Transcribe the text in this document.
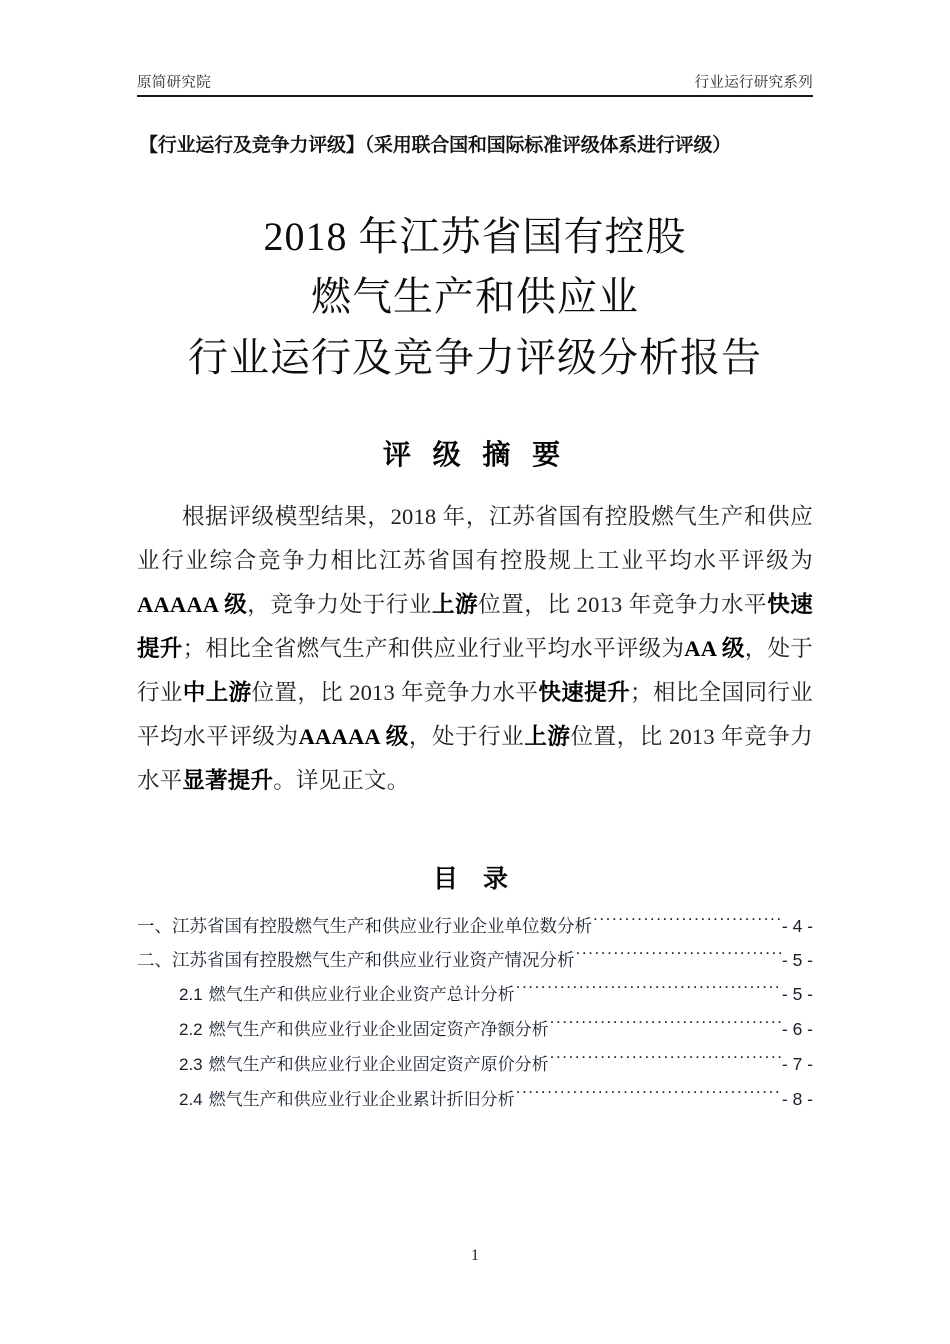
原简研究院	行业运行研究系列
【行业运行及竞争力评级】（采用联合国和国际标准评级体系进行评级）
2018 年江苏省国有控股
燃气生产和供应业
行业运行及竞争力评级分析报告
评 级 摘 要

根据评级模型结果，2018 年，江苏省国有控股燃气生产和供应业行业综合竞争力相比江苏省国有控股规上工业平均水平评级为AAAAA 级，竞争力处于行业上游位置，比 2013 年竞争力水平快速提升；相比全省燃气生产和供应业行业平均水平评级为AA 级，处于行业中上游位置，比 2013 年竞争力水平快速提升；相比全国同行业平均水平评级为AAAAA 级，处于行业上游位置，比 2013 年竞争力水平显著提升。详见正文。

目 录
一、江苏省国有控股燃气生产和供应业行业企业单位数分析 .....	- 4 -
二、江苏省国有控股燃气生产和供应业行业资产情况分析 .....	- 5 -
2.1 燃气生产和供应业行业企业资产总计分析 .....	- 5 -
2.2 燃气生产和供应业行业企业固定资产净额分析 .....	- 6 -
2.3 燃气生产和供应业行业企业固定资产原价分析 .....	- 7 -
2.4 燃气生产和供应业行业企业累计折旧分析 .....	- 8 -
1
